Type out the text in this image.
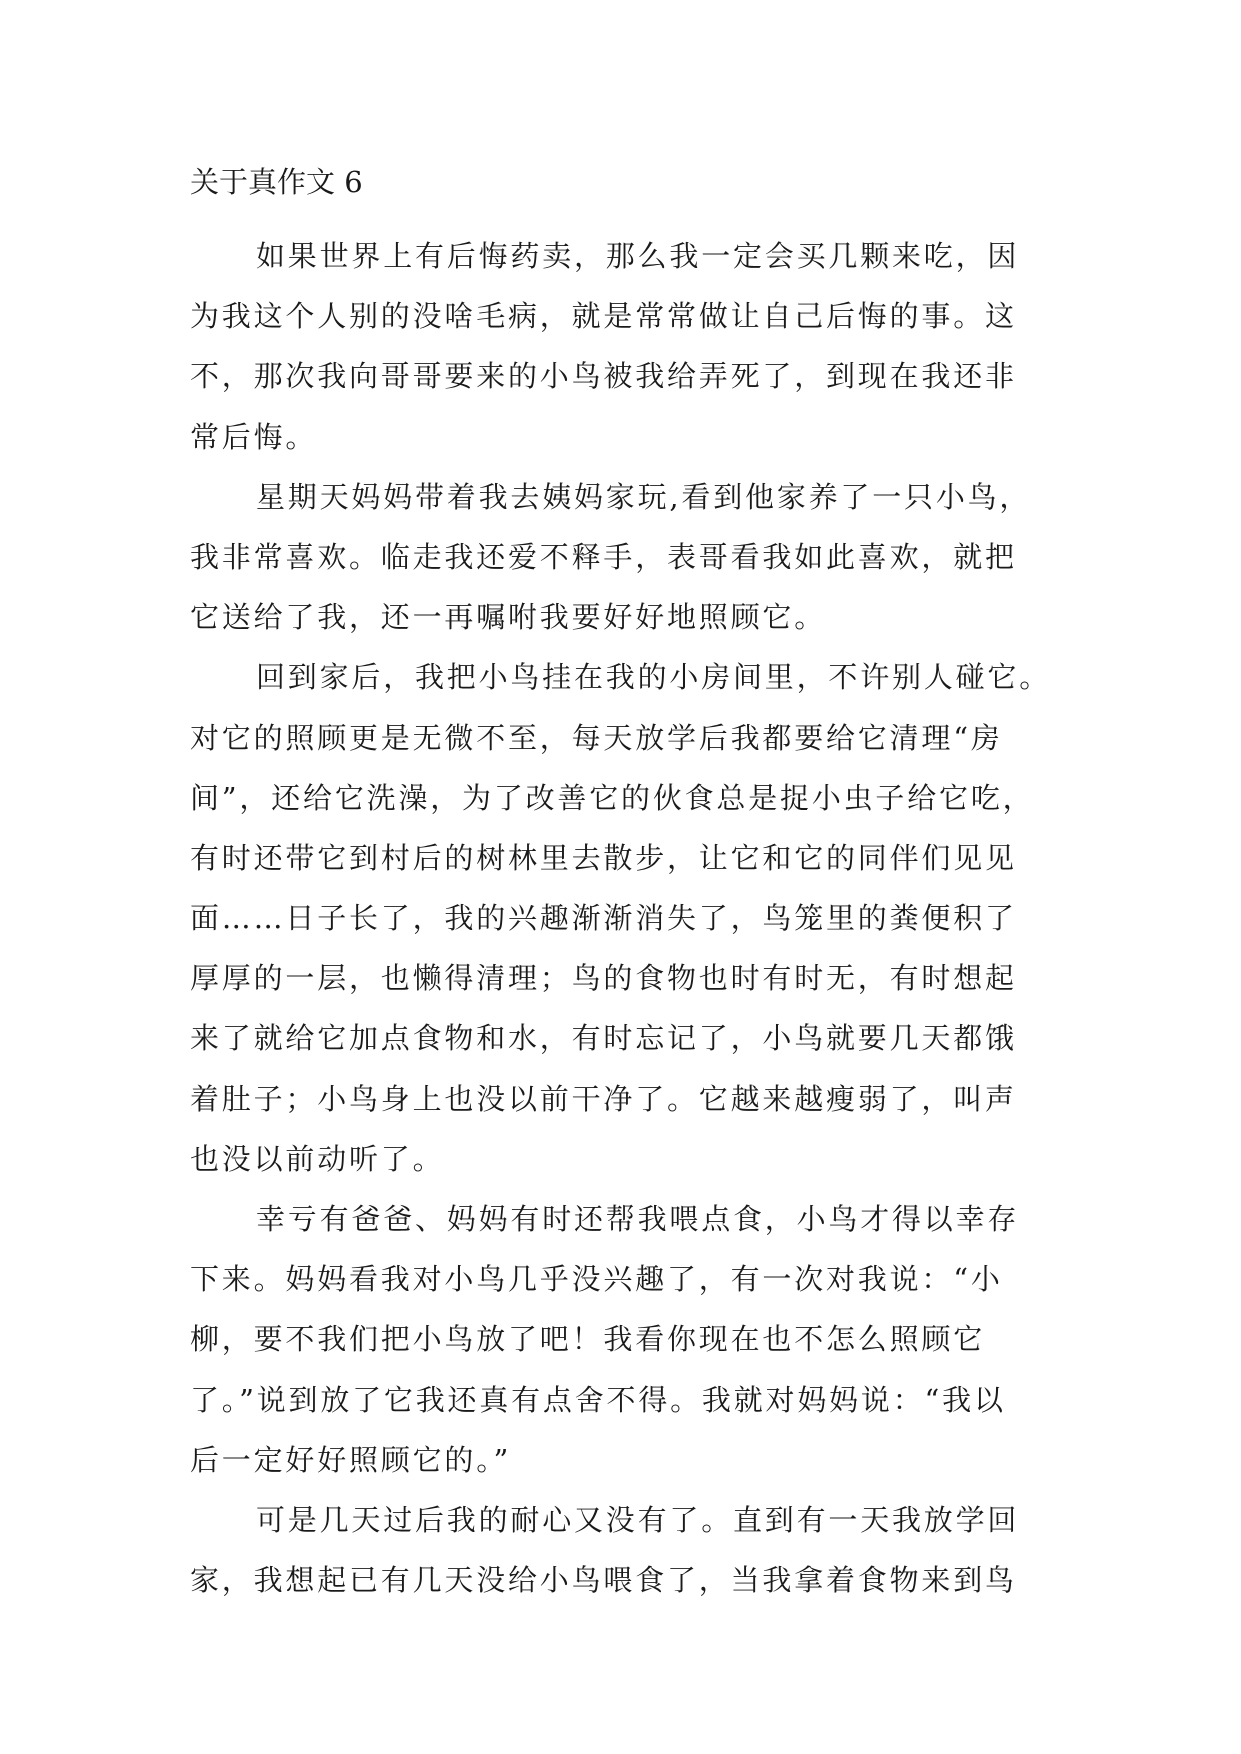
关于真作文 6
如果世界上有后悔药卖，那么我一定会买几颗来吃，因
为我这个人别的没啥毛病，就是常常做让自己后悔的事。这
不，那次我向哥哥要来的小鸟被我给弄死了，到现在我还非
常后悔。
星期天妈妈带着我去姨妈家玩,看到他家养了一只小鸟，
我非常喜欢。临走我还爱不释手，表哥看我如此喜欢，就把
它送给了我，还一再嘱咐我要好好地照顾它。
回到家后，我把小鸟挂在我的小房间里，不许别人碰它。
对它的照顾更是无微不至，每天放学后我都要给它清理“房
间”，还给它洗澡，为了改善它的伙食总是捉小虫子给它吃，
有时还带它到村后的树林里去散步，让它和它的同伴们见见
面……日子长了，我的兴趣渐渐消失了，鸟笼里的粪便积了
厚厚的一层，也懒得清理；鸟的食物也时有时无，有时想起
来了就给它加点食物和水，有时忘记了，小鸟就要几天都饿
着肚子；小鸟身上也没以前干净了。它越来越瘦弱了，叫声
也没以前动听了。
幸亏有爸爸、妈妈有时还帮我喂点食，小鸟才得以幸存
下来。妈妈看我对小鸟几乎没兴趣了，有一次对我说：“小
柳，要不我们把小鸟放了吧！我看你现在也不怎么照顾它
了。”说到放了它我还真有点舍不得。我就对妈妈说：“我以
后一定好好照顾它的。”
可是几天过后我的耐心又没有了。直到有一天我放学回
家，我想起已有几天没给小鸟喂食了，当我拿着食物来到鸟
